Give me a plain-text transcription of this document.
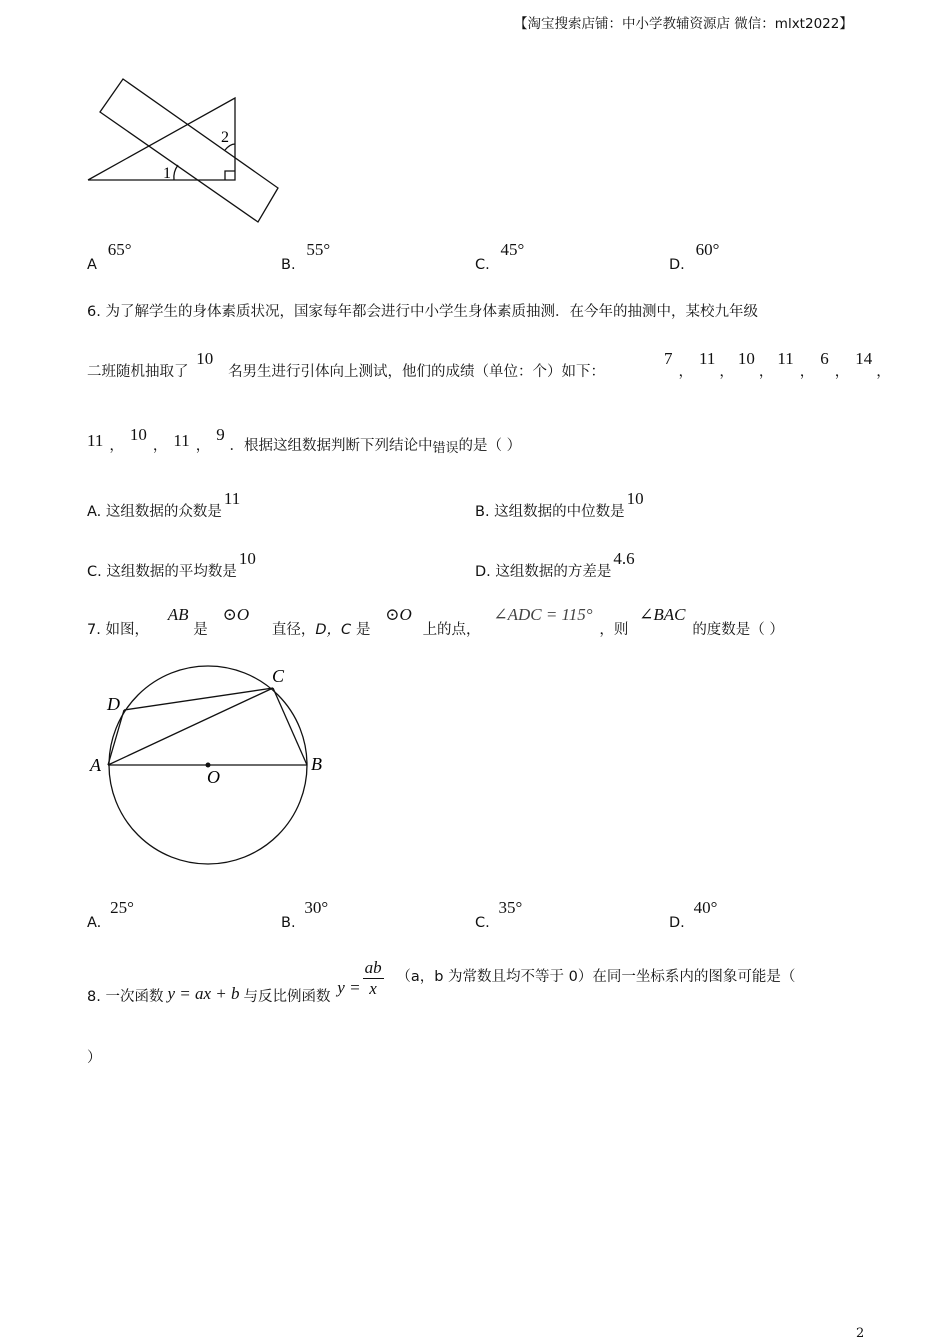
【淘宝搜索店铺：中小学教辅资源店 微信：mlxt2022】
1
2
A 65°
B. 55°
C. 45°
D. 60°
6. 为了解学生的身体素质状况，国家每年都会进行中小学生身体素质抽测．在今年的抽测中，某校九年级
二班随机抽取了 10 名男生进行引体向上测试，他们的成绩（单位：个）如下：
7，11，10，11，6，14，
11 ，10， 11 ，9 ．根据这组数据判断下列结论中错误的是（ ）
A. 这组数据的众数是11
B. 这组数据的中位数是10
C. 这组数据的平均数是10
D. 这组数据的方差是4.6
7. 如图， AB 是 ⊙O 直径，D，C 是 ⊙O 上的点， ∠ADC = 115° ，则 ∠BAC 的度数是（ ）
A	B
C
D
O
A. 25°
B. 30°
C. 35°
D. 40°
8. 一次函数 y = ax + b 与反比例函数 $y = \frac{ab}{x} (a$，b 为常数且均不等于 0）在同一坐标系内的图象可能是（
）
2
